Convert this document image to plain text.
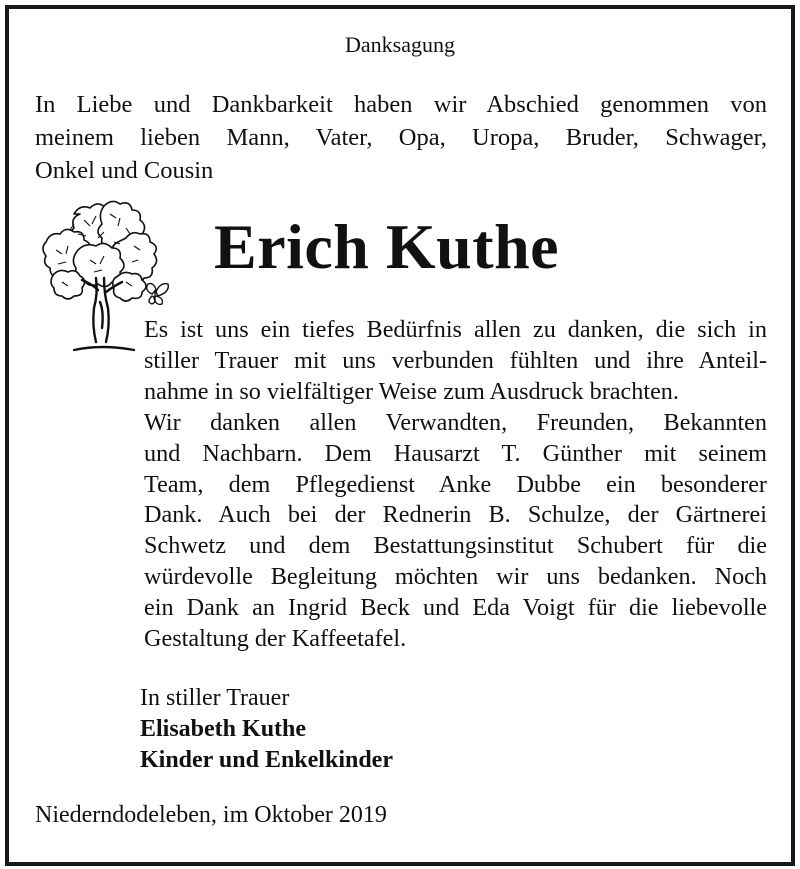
Danksagung
In Liebe und Dankbarkeit haben wir Abschied genommen von
meinem lieben Mann, Vater, Opa, Uropa, Bruder, Schwager,
Onkel und Cousin
Erich Kuthe
Es ist uns ein tiefes Bedürfnis allen zu danken, die sich in
stiller Trauer mit uns verbunden fühlten und ihre Anteil-
nahme in so vielfältiger Weise zum Ausdruck brachten.
Wir danken allen Verwandten, Freunden, Bekannten
und Nachbarn. Dem Hausarzt T. Günther mit seinem
Team, dem Pflegedienst Anke Dubbe ein besonderer
Dank. Auch bei der Rednerin B. Schulze, der Gärtnerei
Schwetz und dem Bestattungsinstitut Schubert für die
würdevolle Begleitung möchten wir uns bedanken. Noch
ein Dank an Ingrid Beck und Eda Voigt für die liebevolle
Gestaltung der Kaffeetafel.
In stiller Trauer
Elisabeth Kuthe
Kinder und Enkelkinder
Niederndodeleben, im Oktober 2019
